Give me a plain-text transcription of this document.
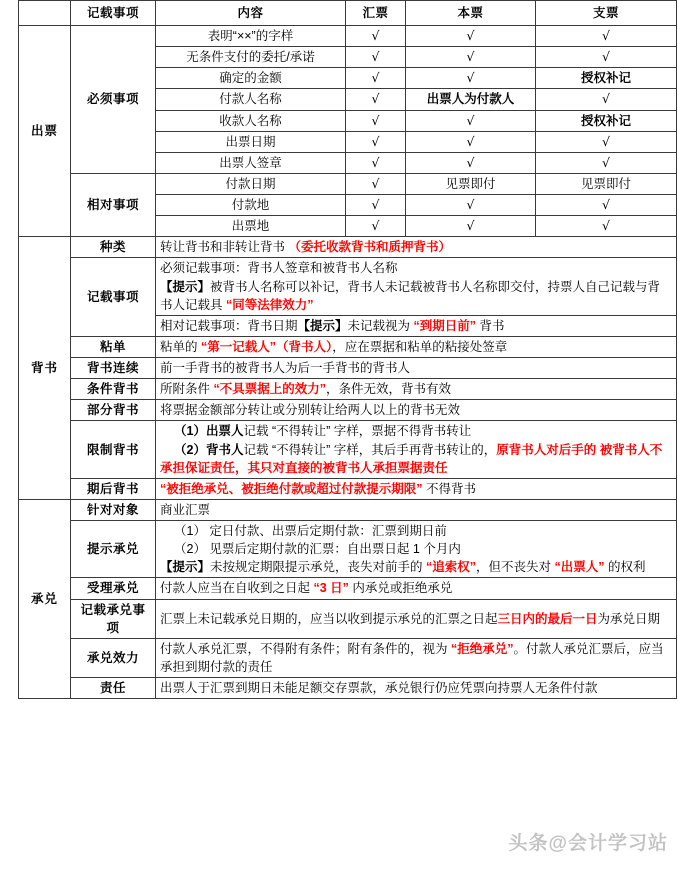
	记载事项	内容	汇票	本票	支票
出票	必须事项	表明“××”的字样	√	√	√
		无条件支付的委托/承诺	√	√	√
		确定的金额	√	√	授权补记
		付款人名称	√	出票人为付款人	√
		收款人名称	√	√	授权补记
		出票日期	√	√	√
		出票人签章	√	√	√
	相对事项	付款日期	√	见票即付	见票即付
		付款地	√	√	√
		出票地	√	√	√
背书	种类	转让背书和非转让背书 （委托收款背书和质押背书）			
	记载事项	必须记载事项：背书人签章和被背书人名称
【提示】被背书人名称可以补记，背书人未记载被背书人名称即交付，持票人自己记载与背书人记载具 “同等法律效力”			

		相对记载事项：背书日期【提示】未记载视为 “到期日前” 背书			
	粘单	粘单的 “第一记载人”（背书人），应在票据和粘单的粘接处签章			
	背书连续	前一手背书的被背书人为后一手背书的背书人			
	条件背书	所附条件 “不具票据上的效力”，条件无效，背书有效			
	部分背书	将票据金额部分转让或分别转让给两人以上的背书无效			
	限制背书	（1）出票人记载 “不得转让” 字样，票据不得背书转让
（2）背书人记载 “不得转让” 字样，其后手再背书转让的，原背书人对后手的 被背书人不承担保证责任，其只对直接的被背书人承担票据责任			

	期后背书	“被拒绝承兑、被拒绝付款或超过付款提示期限” 不得背书			
承兑	针对对象	商业汇票			
	提示承兑	（1） 定日付款、出票后定期付款：汇票到期日前
（2） 见票后定期付款的汇票：自出票日起 1 个月内
【提示】未按规定期限提示承兑，丧失对前手的 “追索权”，但不丧失对 “出票人” 的权利			

	受理承兑	付款人应当在自收到之日起 “3 日” 内承兑或拒绝承兑			
	记载承兑事项	汇票上未记载承兑日期的，应当以收到提示承兑的汇票之日起三日内的最后一日为承兑日期			
	承兑效力	付款人承兑汇票，不得附有条件；附有条件的，视为 “拒绝承兑”。付款人承兑汇票后，应当承担到期付款的责任			
	责任	出票人于汇票到期日未能足额交存票款，承兑银行仍应凭票向持票人无条件付款			
头条@会计学习站
